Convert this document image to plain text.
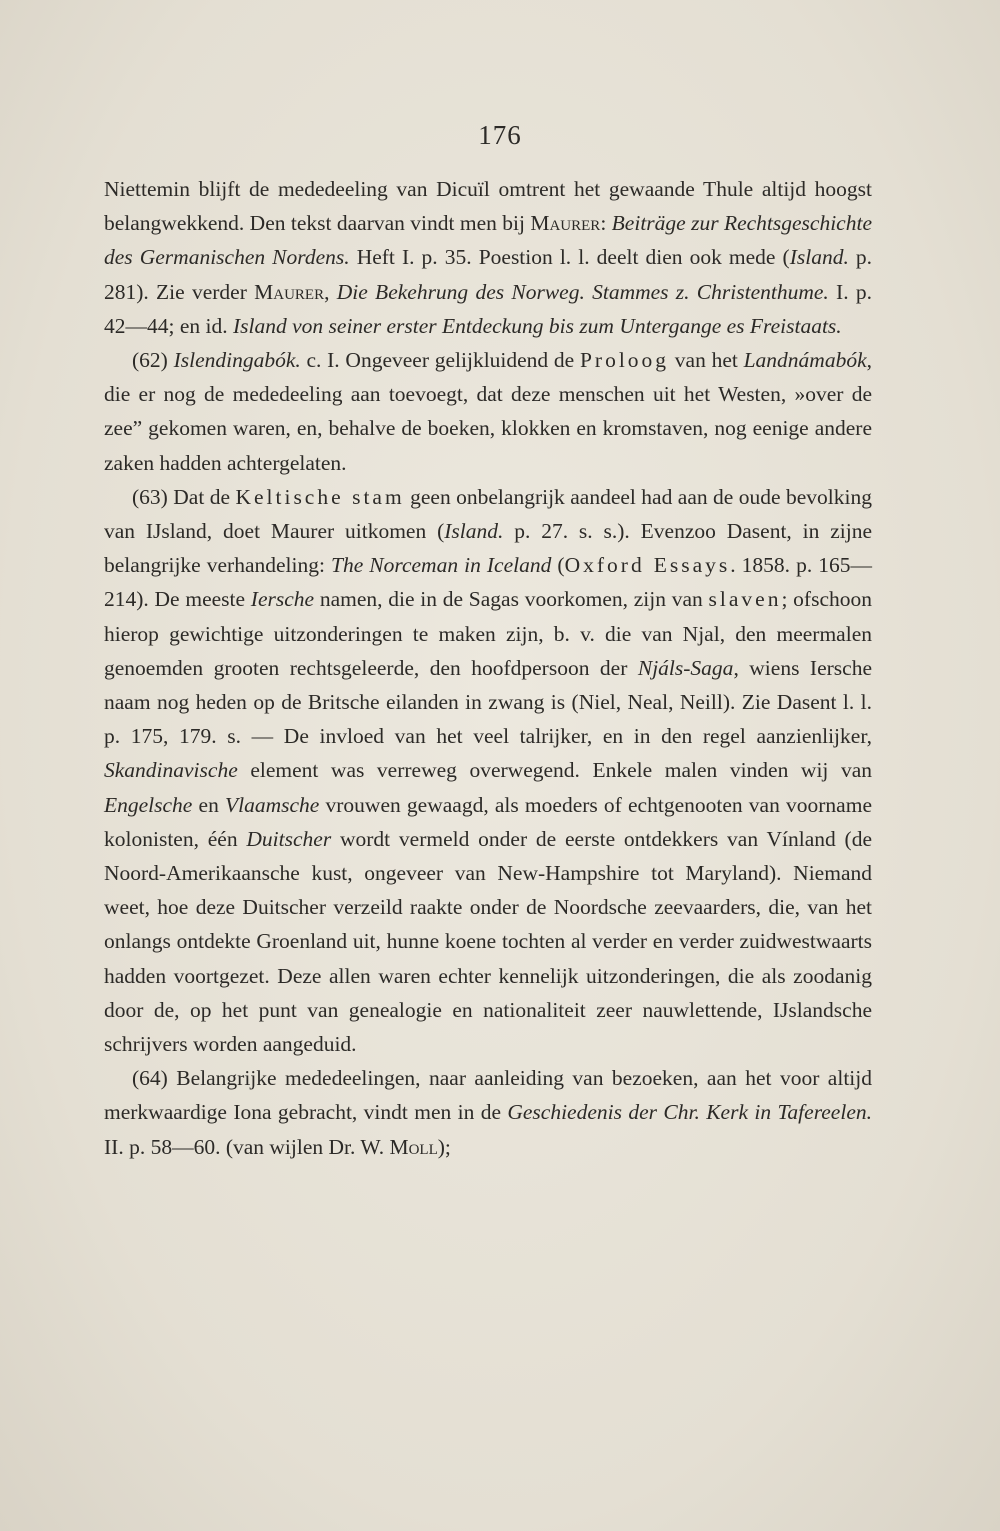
176

Niettemin blijft de mededeeling van Dicuïl omtrent het gewaande Thule altijd hoogst belangwekkend. Den tekst daarvan vindt men bij Maurer: Beiträge zur Rechtsgeschichte des Germanischen Nordens. Heft I. p. 35. Poestion l. l. deelt dien ook mede (Island. p. 281). Zie verder Maurer, Die Bekehrung des Norweg. Stammes z. Christenthume. I. p. 42—44; en id. Island von seiner erster Entdeckung bis zum Untergange es Freistaats.

(62) Islendingabók. c. I. Ongeveer gelijkluidend de Proloog van het Landnámabók, die er nog de mededeeling aan toevoegt, dat deze menschen uit het Westen, »over de zee” gekomen waren, en, behalve de boeken, klokken en kromstaven, nog eenige andere zaken hadden achtergelaten.

(63) Dat de Keltische stam geen onbelangrijk aandeel had aan de oude bevolking van IJsland, doet Maurer uitkomen (Island. p. 27. s. s.). Evenzoo Dasent, in zijne belangrijke verhandeling: The Norceman in Iceland (Oxford Essays. 1858. p. 165—214). De meeste Iersche namen, die in de Sagas voorkomen, zijn van slaven; ofschoon hierop gewichtige uitzonderingen te maken zijn, b. v. die van Njal, den meermalen genoemden grooten rechtsgeleerde, den hoofdpersoon der Njáls-Saga, wiens Iersche naam nog heden op de Britsche eilanden in zwang is (Niel, Neal, Neill). Zie Dasent l. l. p. 175, 179. s. — De invloed van het veel talrijker, en in den regel aanzienlijker, Skandinavische element was verreweg overwegend. Enkele malen vinden wij van Engelsche en Vlaamsche vrouwen gewaagd, als moeders of echtgenooten van voorname kolonisten, één Duitscher wordt vermeld onder de eerste ontdekkers van Vínland (de Noord-Amerikaansche kust, ongeveer van New-Hampshire tot Maryland). Niemand weet, hoe deze Duitscher verzeild raakte onder de Noordsche zeevaarders, die, van het onlangs ontdekte Groenland uit, hunne koene tochten al verder en verder zuidwestwaarts hadden voortgezet. Deze allen waren echter kennelijk uitzonderingen, die als zoodanig door de, op het punt van genealogie en nationaliteit zeer nauwlettende, IJslandsche schrijvers worden aangeduid.

(64) Belangrijke mededeelingen, naar aanleiding van bezoeken, aan het voor altijd merkwaardige Iona gebracht, vindt men in de Geschiedenis der Chr. Kerk in Tafereelen. II. p. 58—60. (van wijlen Dr. W. Moll);
